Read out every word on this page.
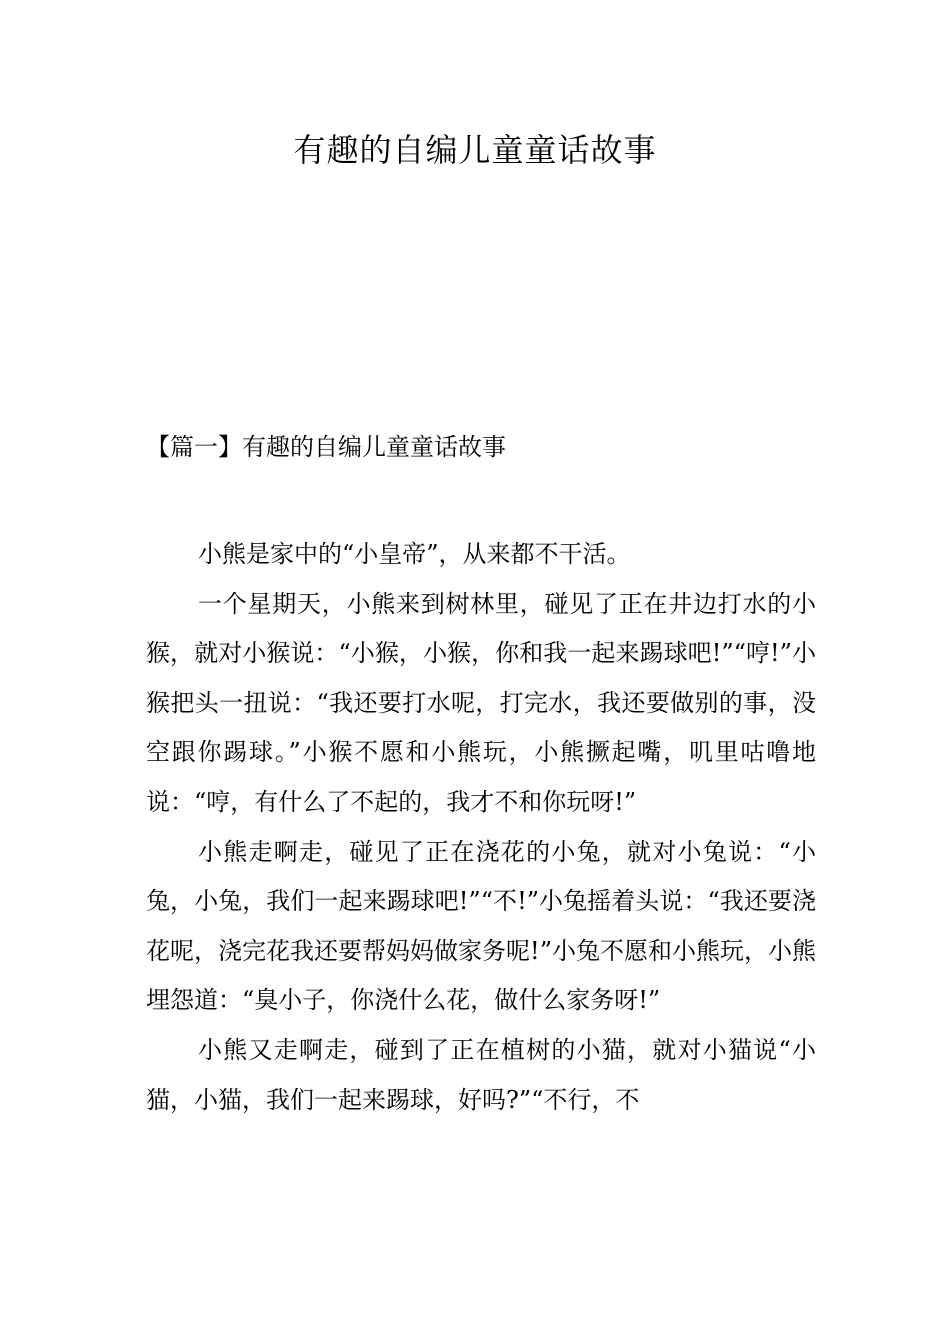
有趣的自编儿童童话故事
【篇一】有趣的自编儿童童话故事

小熊是家中的“小皇帝”，从来都不干活。

一个星期天，小熊来到树林里，碰见了正在井边打水的小猴，就对小猴说：“小猴，小猴，你和我一起来踢球吧!”“哼!”小猴把头一扭说：“我还要打水呢，打完水，我还要做别的事，没空跟你踢球。”小猴不愿和小熊玩，小熊撅起嘴，叽里咕噜地说：“哼，有什么了不起的，我才不和你玩呀!”

小熊走啊走，碰见了正在浇花的小兔，就对小兔说：“小兔，小兔，我们一起来踢球吧!”“不!”小兔摇着头说：“我还要浇花呢，浇完花我还要帮妈妈做家务呢!”小兔不愿和小熊玩，小熊埋怨道：“臭小子，你浇什么花，做什么家务呀!”

小熊又走啊走，碰到了正在植树的小猫，就对小猫说“小猫，小猫，我们一起来踢球，好吗?”“不行，不
